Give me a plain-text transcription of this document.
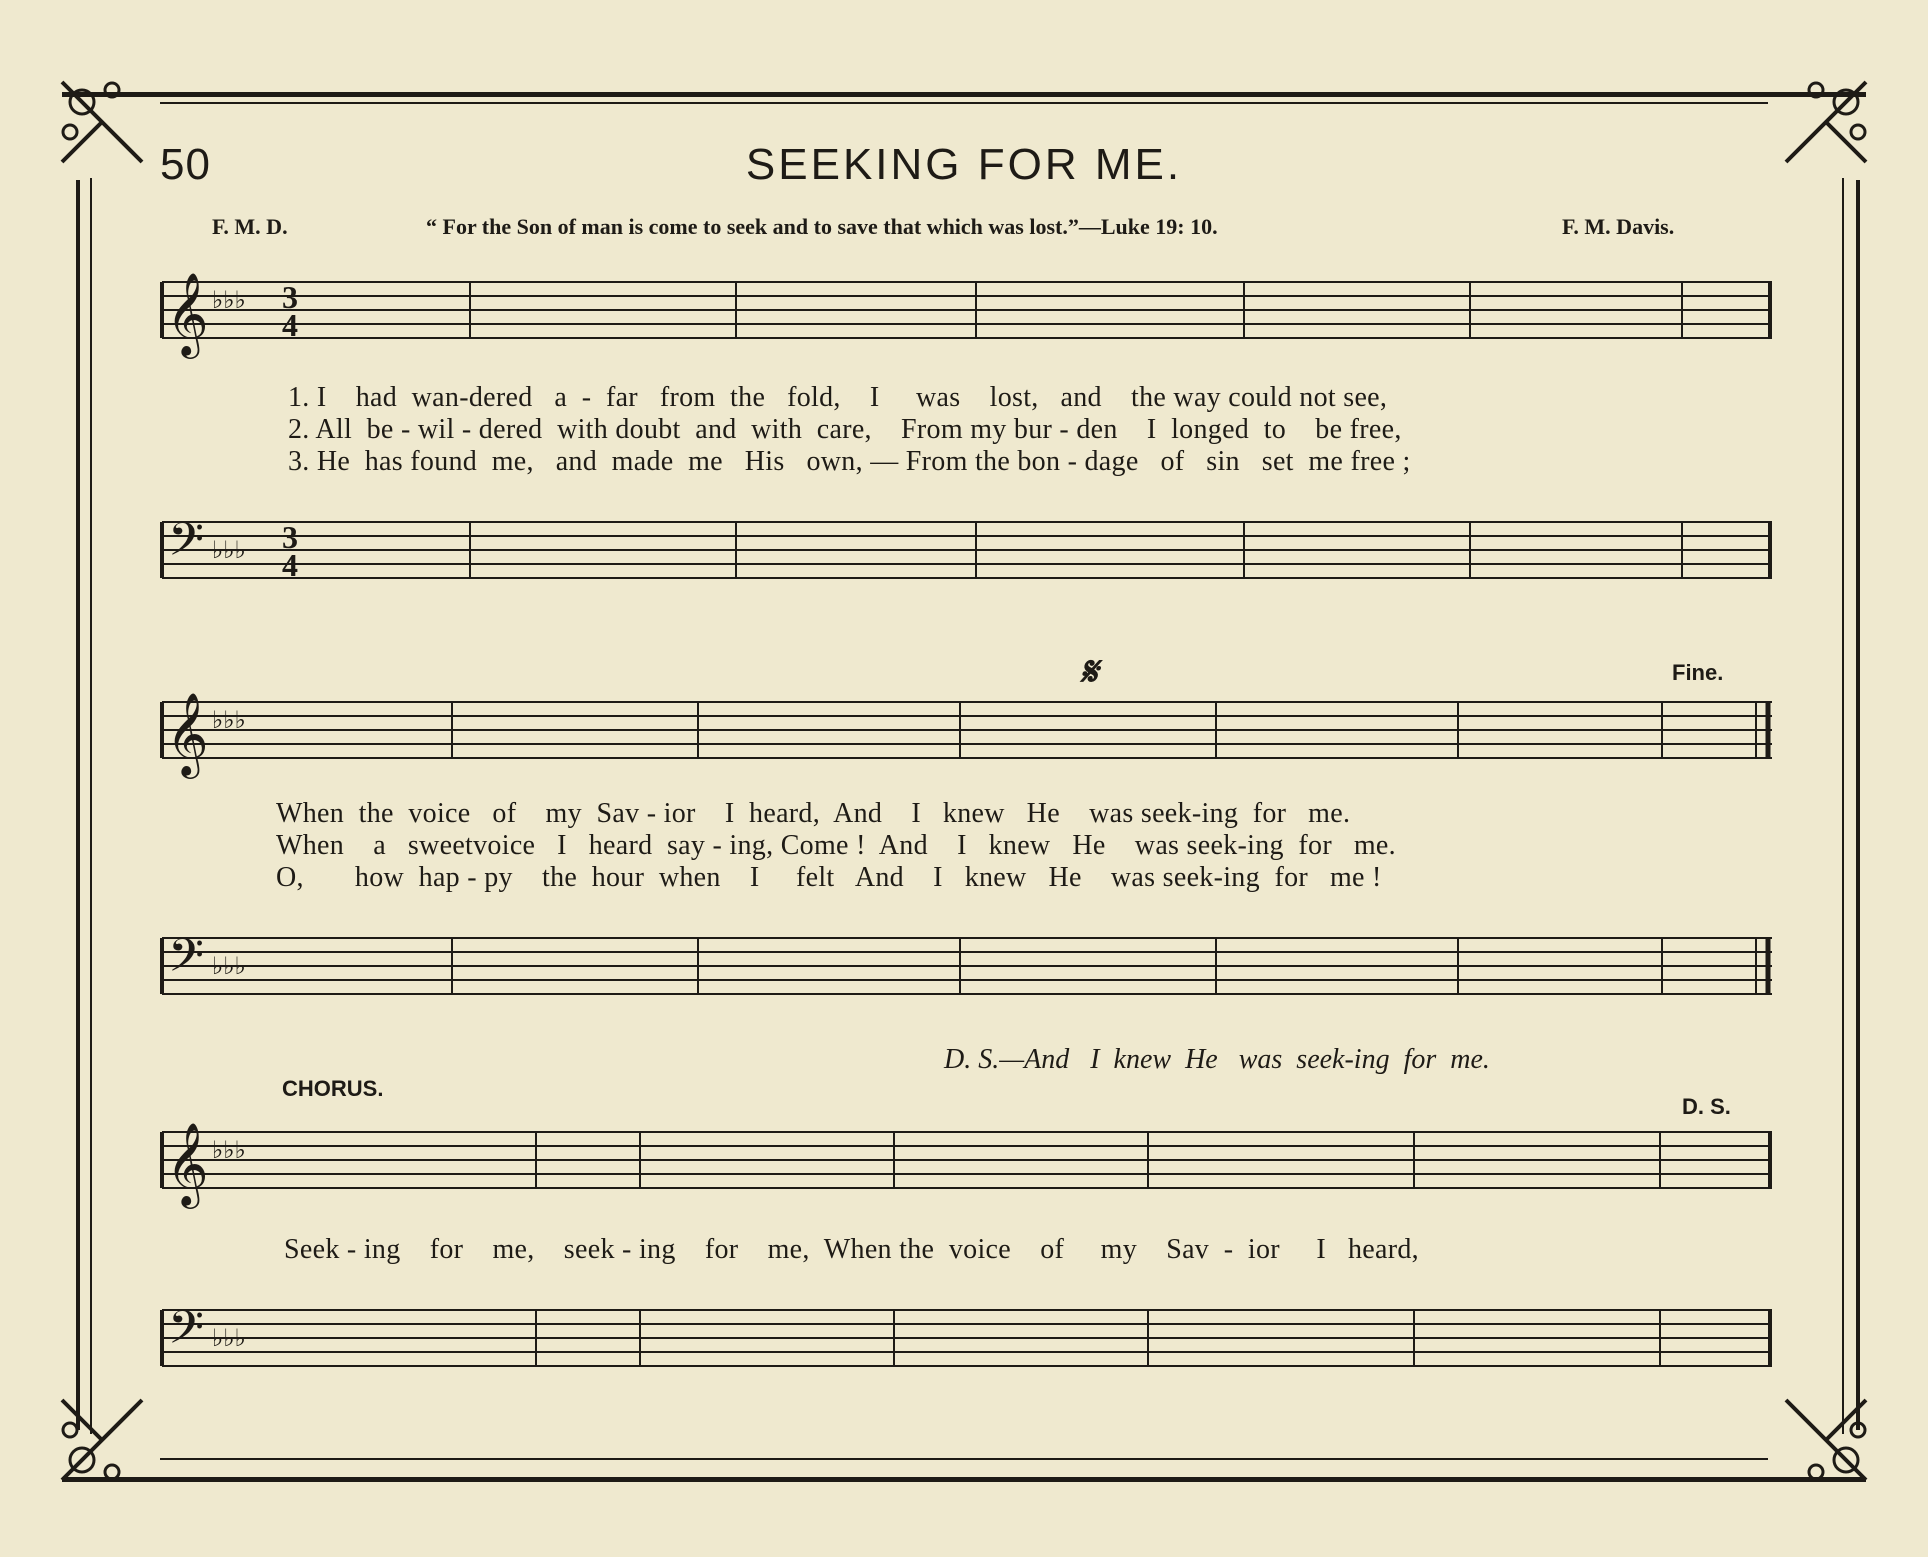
50	SEEKING FOR ME.
F. M. D.	“ For the Son of man is come to seek and to save that which was lost.”—Luke 19: 10.	F. M. Davis.
𝄞 ♭♭♭ 3
4
1. I    had  wan-dered   a  -  far   from  the   fold,    I     was    lost,   and    the way could not see,
2. All  be - wil - dered  with doubt  and  with  care,    From my bur - den    I  longed  to    be free,
3. He  has found  me,   and  made  me   His   own, — From the bon - dage   of   sin   set  me free ;
𝄢 ♭♭♭ 3
4
𝄋	Fine.
𝄞 ♭♭♭
When  the  voice   of    my  Sav - ior    I  heard,  And    I   knew   He    was seek-ing  for   me.
When    a   sweetvoice   I   heard  say - ing, Come !  And    I   knew   He    was seek-ing  for   me.
O,       how  hap - py    the  hour  when    I     felt   And    I   knew   He    was seek-ing  for   me !
𝄢 ♭♭♭
D. S.—And   I  knew  He   was  seek-ing  for  me.
CHORUS.
D. S.
𝄞 ♭♭♭
Seek - ing    for    me,    seek - ing    for    me,  When the  voice    of     my    Sav  -  ior     I   heard,
𝄢 ♭♭♭
